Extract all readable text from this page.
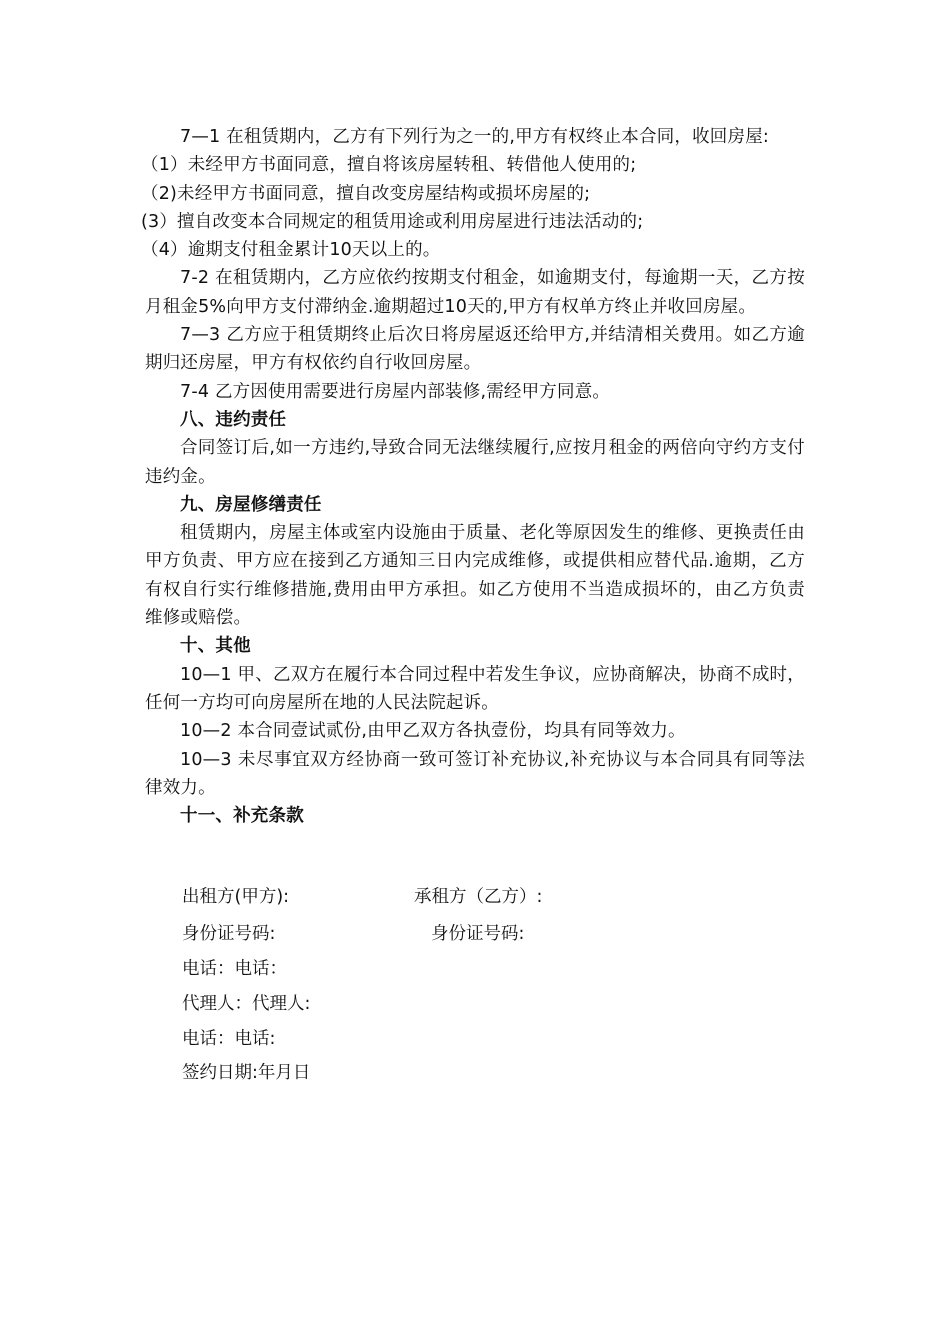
7—1 在租赁期内，乙方有下列行为之一的,甲方有权终止本合同，收回房屋:

（1）未经甲方书面同意，擅自将该房屋转租、转借他人使用的;

（2)未经甲方书面同意，擅自改变房屋结构或损坏房屋的;

(3）擅自改变本合同规定的租赁用途或利用房屋进行违法活动的;

（4）逾期支付租金累计10天以上的。

7-2 在租赁期内，乙方应依约按期支付租金，如逾期支付，每逾期一天，乙方按月租金5%向甲方支付滞纳金.逾期超过10天的,甲方有权单方终止并收回房屋。

7—3 乙方应于租赁期终止后次日将房屋返还给甲方,并结清相关费用。如乙方逾期归还房屋，甲方有权依约自行收回房屋。

7-4 乙方因使用需要进行房屋内部装修,需经甲方同意。

八、违约责任

合同签订后,如一方违约,导致合同无法继续履行,应按月租金的两倍向守约方支付违约金。

九、房屋修缮责任

租赁期内，房屋主体或室内设施由于质量、老化等原因发生的维修、更换责任由甲方负责、甲方应在接到乙方通知三日内完成维修，或提供相应替代品.逾期，乙方有权自行实行维修措施,费用由甲方承担。如乙方使用不当造成损坏的，由乙方负责维修或赔偿。

十、其他

10—1 甲、乙双方在履行本合同过程中若发生争议，应协商解决，协商不成时，任何一方均可向房屋所在地的人民法院起诉。

10—2 本合同壹试贰份,由甲乙双方各执壹份，均具有同等效力。

10—3 未尽事宜双方经协商一致可签订补充协议,补充协议与本合同具有同等法律效力。

十一、补充条款

出租方(甲方):	承租方（乙方）:
身份证号码:	身份证号码:
电话：电话：
代理人：代理人:
电话：电话:
签约日期:年月日
